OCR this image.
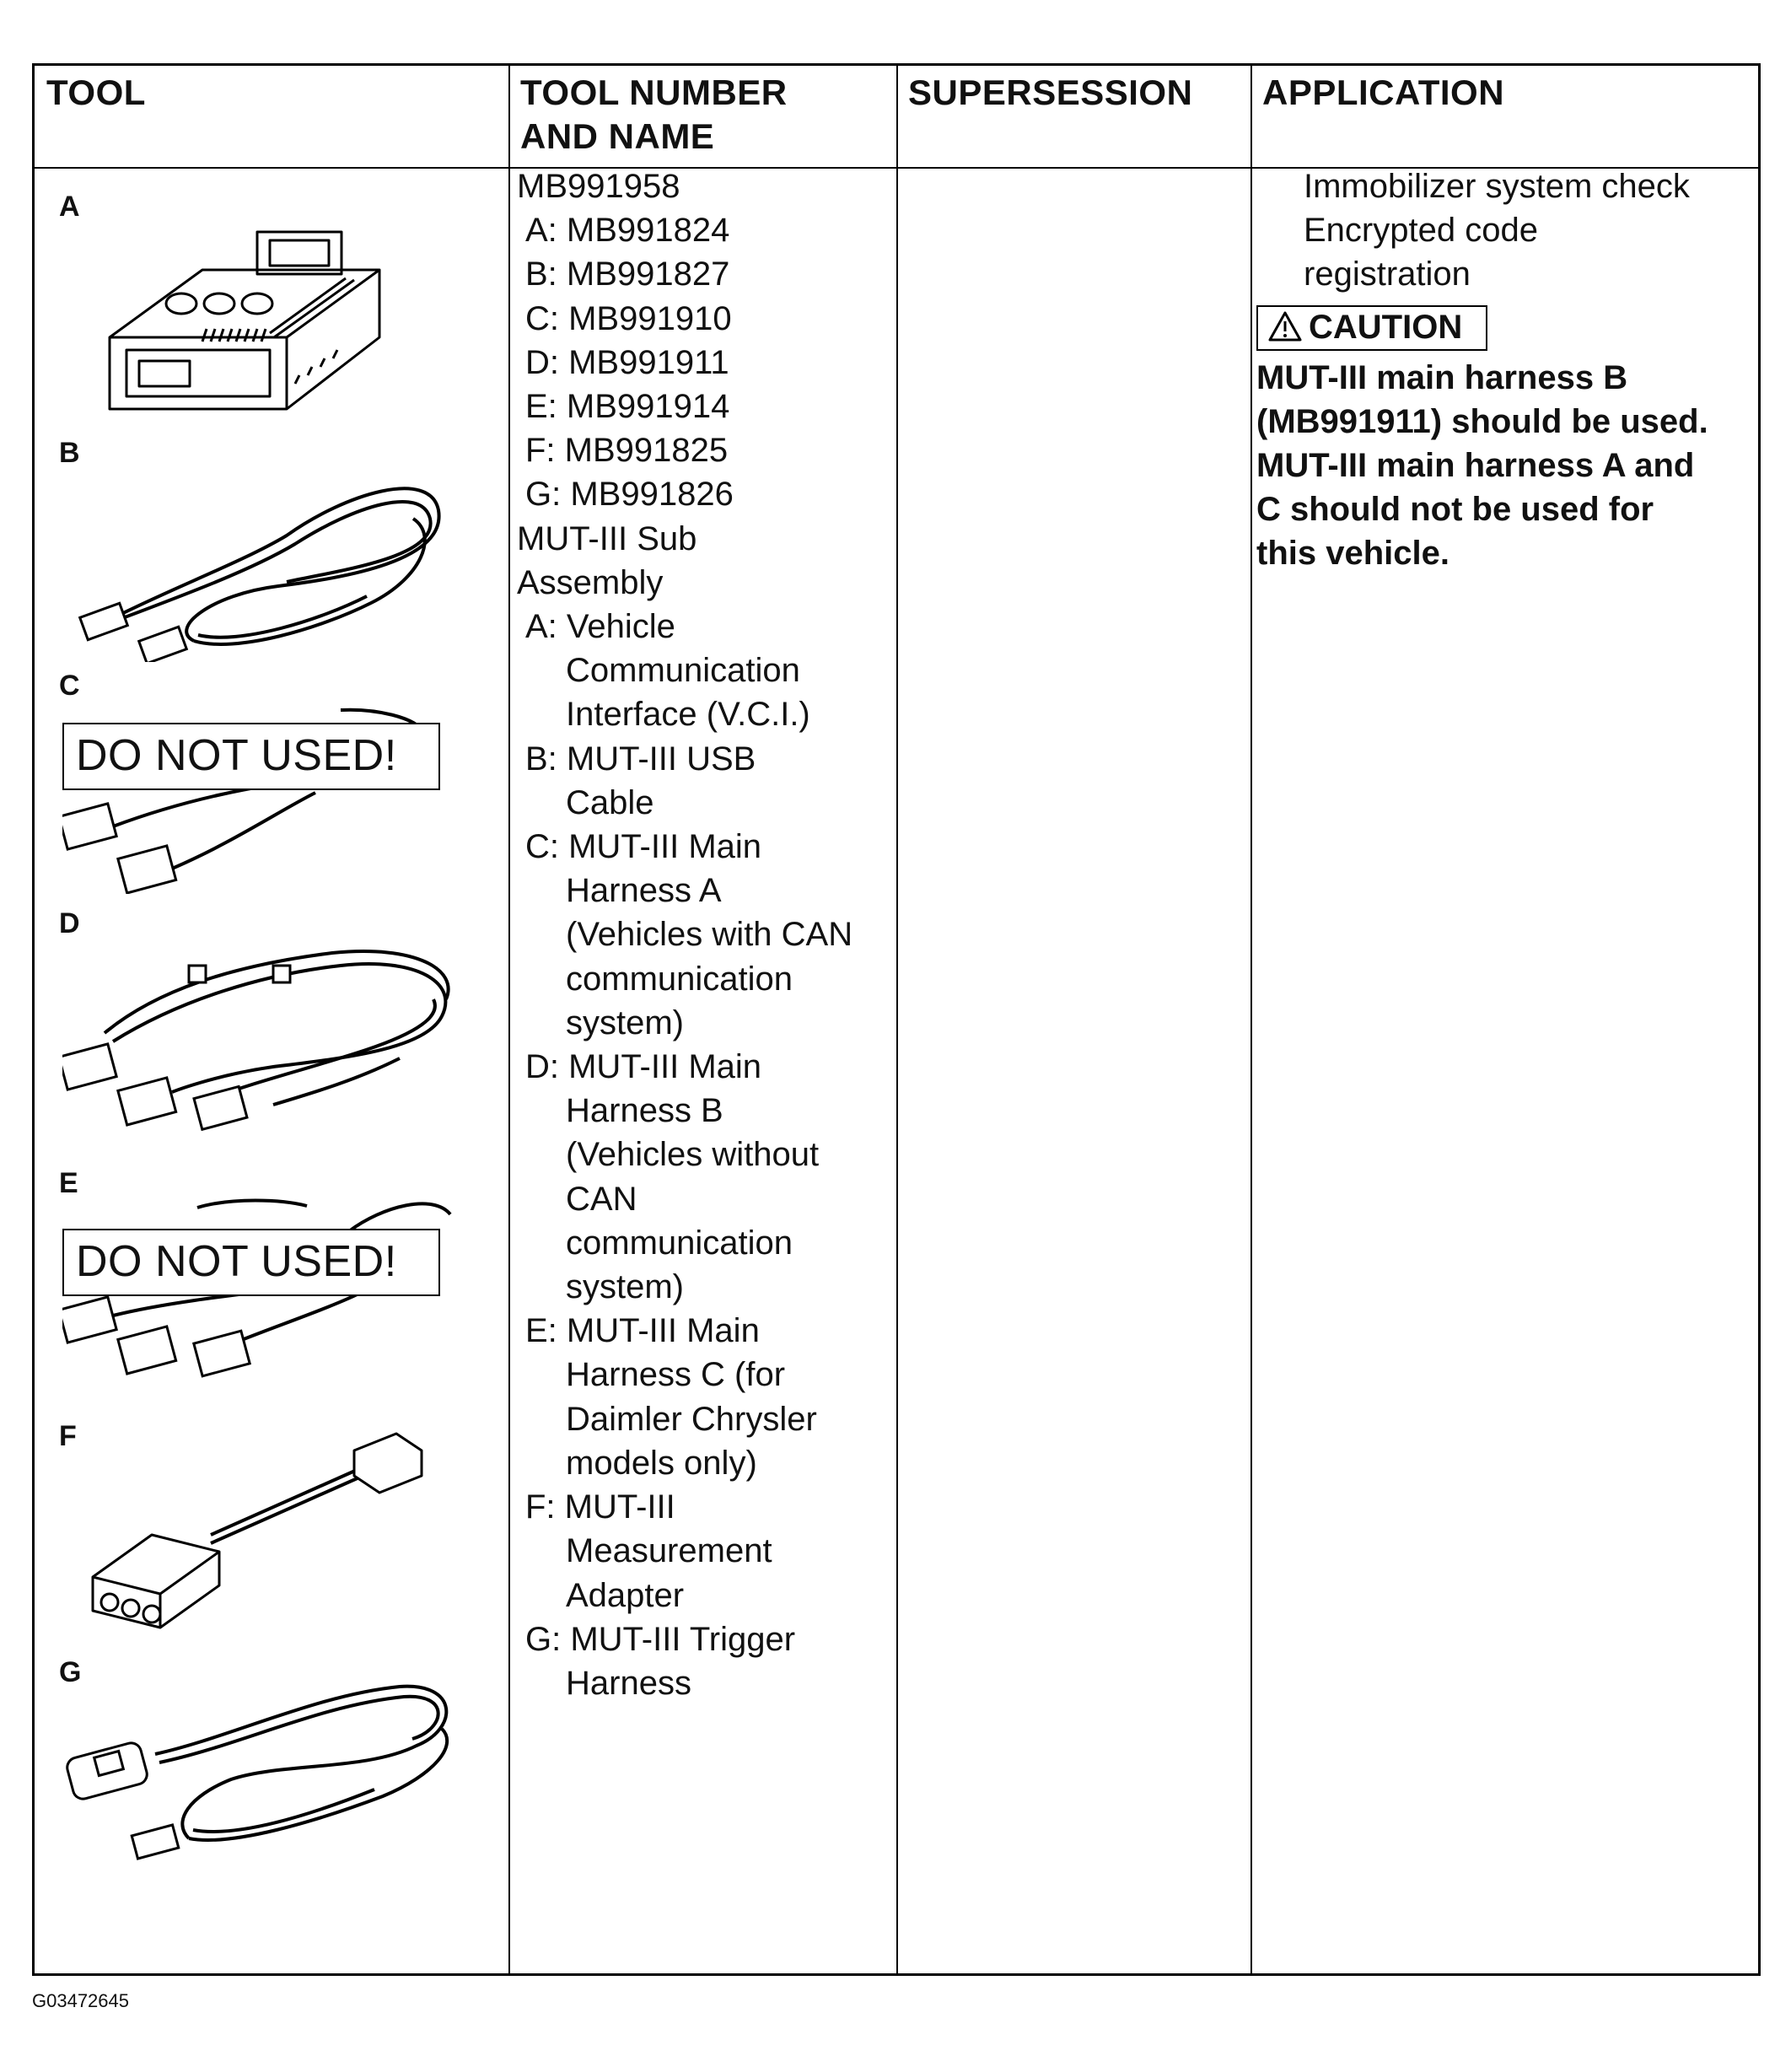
TOOL	TOOL NUMBER
AND NAME
SUPERSESSION	APPLICATION
A
B
C
D
E
F
G
DO NOT USED!
DO NOT USED!
MB991958
A: MB991824
B: MB991827
C: MB991910
D: MB991911
E: MB991914
F: MB991825
G: MB991826
MUT-III Sub
Assembly
A: Vehicle
Communication
Interface (V.C.I.)
B: MUT-III USB
Cable
C: MUT-III Main
Harness A
(Vehicles with CAN
communication
system)
D: MUT-III Main
Harness B
(Vehicles without
CAN
communication
system)
E: MUT-III Main
Harness C (for
Daimler Chrysler
models only)
F: MUT-III
Measurement
Adapter
G: MUT-III Trigger
Harness
Immobilizer system check
Encrypted code
registration
CAUTION
MUT-III main harness B
(MB991911) should be used.
MUT-III main harness A and
C should not be used for
this vehicle.
G03472645
